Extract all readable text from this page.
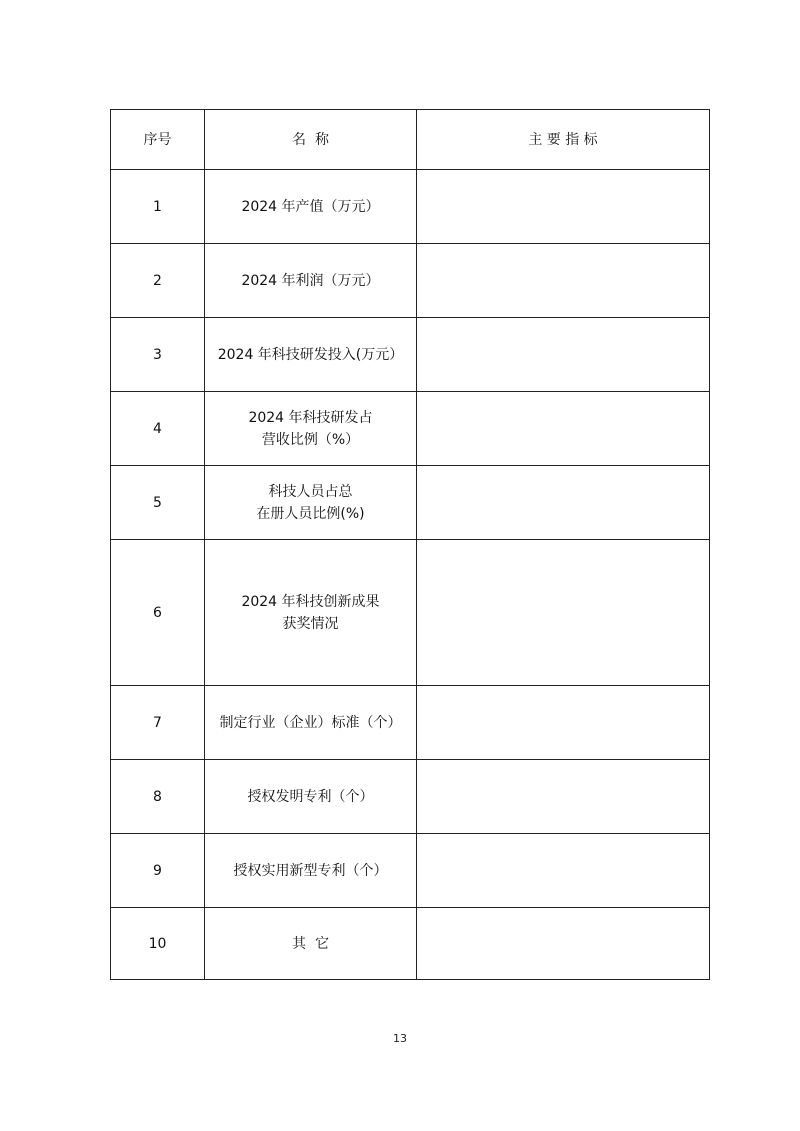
序号	名  称	主 要 指 标
1	2024 年产值（万元）	

2	2024 年利润（万元）	

3	2024 年科技研发投入(万元）	

4	2024 年科技研发占
营收比例（%）	

5	科技人员占总
在册人员比例(%)	

6	2024 年科技创新成果
获奖情况	

7	制定行业（企业）标准（个）	

8	授权发明专利（个）	

9	授权实用新型专利（个）	

10	其  它	

13
